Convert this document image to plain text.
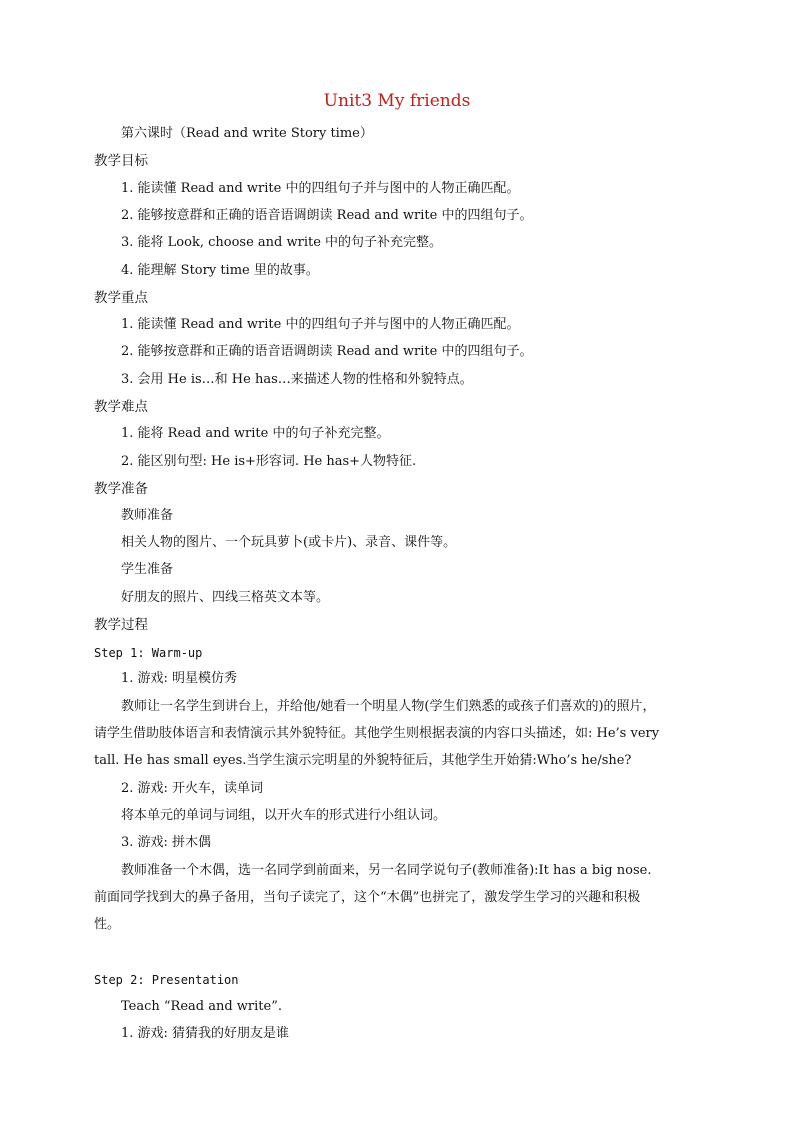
Unit3 My friends
第六课时（Read and write Story time）
教学目标
1. 能读懂 Read and write 中的四组句子并与图中的人物正确匹配。
2. 能够按意群和正确的语音语调朗读 Read and write 中的四组句子。
3. 能将 Look, choose and write 中的句子补充完整。
4. 能理解 Story time 里的故事。
教学重点
1. 能读懂 Read and write 中的四组句子并与图中的人物正确匹配。
2. 能够按意群和正确的语音语调朗读 Read and write 中的四组句子。
3. 会用 He is…和 He has…来描述人物的性格和外貌特点。
教学难点
1. 能将 Read and write 中的句子补充完整。
2. 能区别句型: He is+形容词. He has+人物特征.
教学准备
教师准备
相关人物的图片、一个玩具萝卜(或卡片)、录音、课件等。
学生准备
好朋友的照片、四线三格英文本等。
教学过程
Step 1: Warm-up
1. 游戏: 明星模仿秀
教师让一名学生到讲台上，并给他/她看一个明星人物(学生们熟悉的或孩子们喜欢的)的照片，
请学生借助肢体语言和表情演示其外貌特征。其他学生则根据表演的内容口头描述，如: He’s very
tall. He has small eyes.当学生演示完明星的外貌特征后，其他学生开始猜:Who’s he/she?
2. 游戏: 开火车，读单词
将本单元的单词与词组，以开火车的形式进行小组认词。
3. 游戏: 拼木偶
教师准备一个木偶，选一名同学到前面来，另一名同学说句子(教师准备):It has a big nose.
前面同学找到大的鼻子备用，当句子读完了，这个“木偶”也拼完了，激发学生学习的兴趣和积极
性。
Step 2: Presentation
Teach “Read and write”.
1. 游戏: 猜猜我的好朋友是谁
